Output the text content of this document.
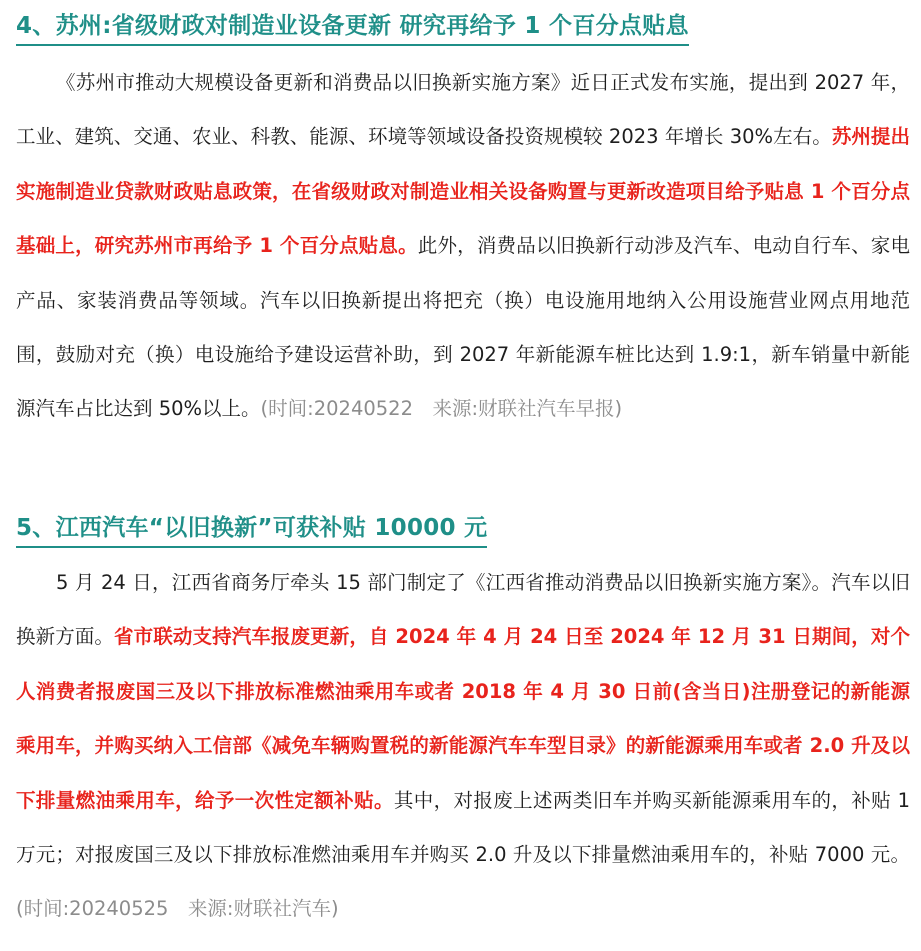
4、苏州:省级财政对制造业设备更新 研究再给予 1 个百分点贴息

《苏州市推动大规模设备更新和消费品以旧换新实施方案》近日正式发布实施，提出到 2027 年，工业、建筑、交通、农业、科教、能源、环境等领域设备投资规模较 2023 年增长 30%左右。苏州提出实施制造业贷款财政贴息政策，在省级财政对制造业相关设备购置与更新改造项目给予贴息 1 个百分点基础上，研究苏州市再给予 1 个百分点贴息。此外，消费品以旧换新行动涉及汽车、电动自行车、家电产品、家装消费品等领域。汽车以旧换新提出将把充（换）电设施用地纳入公用设施营业网点用地范围，鼓励对充（换）电设施给予建设运营补助，到 2027 年新能源车桩比达到 1.9:1，新车销量中新能源汽车占比达到 50%以上。(时间:20240522　来源:财联社汽车早报)

5、江西汽车“以旧换新”可获补贴 10000 元

5 月 24 日，江西省商务厅牵头 15 部门制定了《江西省推动消费品以旧换新实施方案》。汽车以旧换新方面。省市联动支持汽车报废更新，自 2024 年 4 月 24 日至 2024 年 12 月 31 日期间，对个人消费者报废国三及以下排放标准燃油乘用车或者 2018 年 4 月 30 日前(含当日)注册登记的新能源乘用车，并购买纳入工信部《减免车辆购置税的新能源汽车车型目录》的新能源乘用车或者 2.0 升及以下排量燃油乘用车，给予一次性定额补贴。其中，对报废上述两类旧车并购买新能源乘用车的，补贴 1 万元；对报废国三及以下排放标准燃油乘用车并购买 2.0 升及以下排量燃油乘用车的，补贴 7000 元。(时间:20240525　来源:财联社汽车)
